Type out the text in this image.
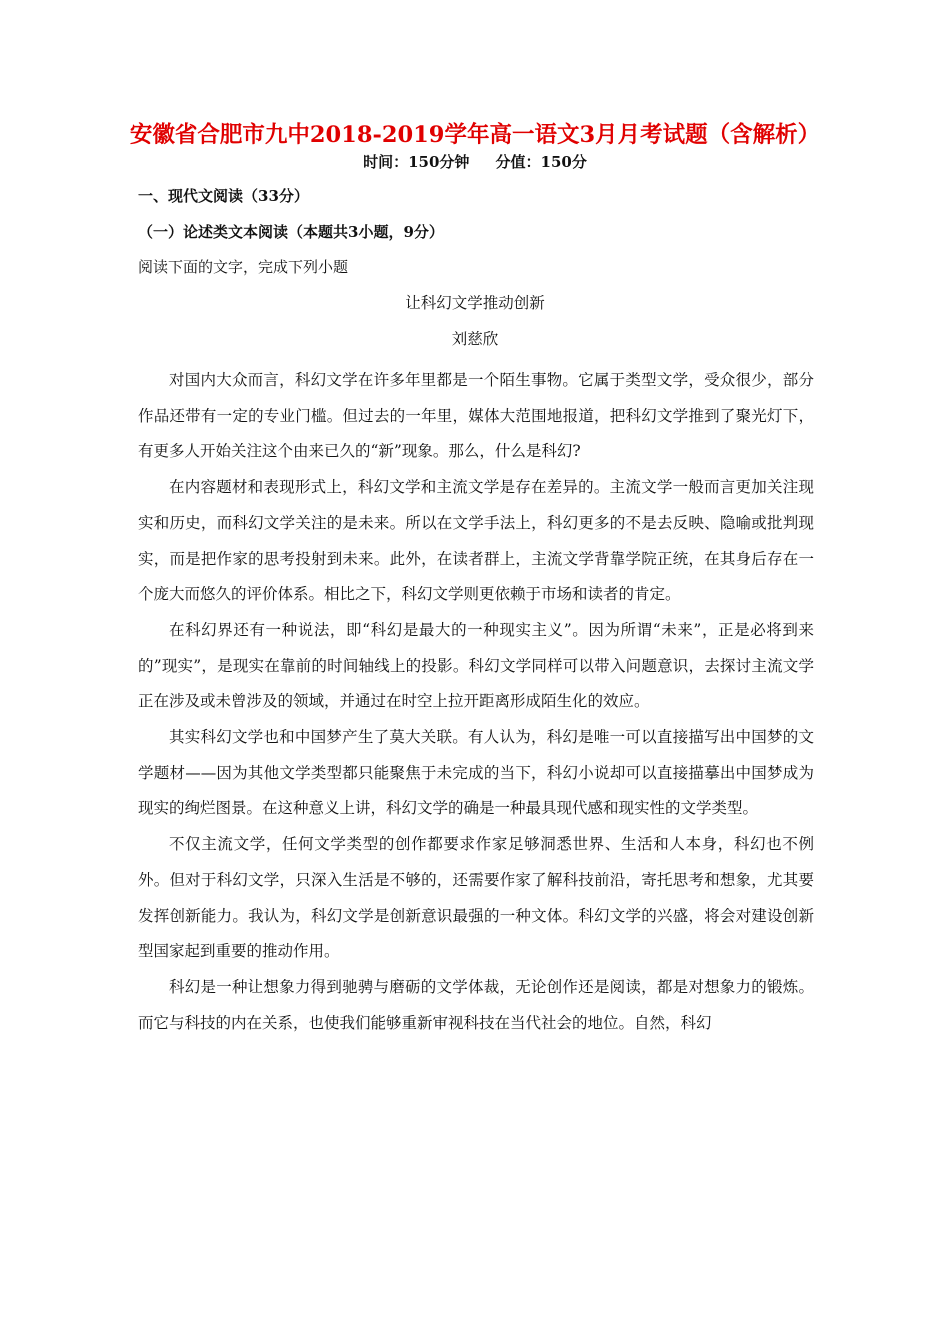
安徽省合肥市九中2018-2019学年高一语文3月月考试题（含解析）
时间：150分钟     分值：150分
一、现代文阅读（33分）
（一）论述类文本阅读（本题共3小题，9分）
阅读下面的文字，完成下列小题
让科幻文学推动创新
刘慈欣

对国内大众而言，科幻文学在许多年里都是一个陌生事物。它属于类型文学，受众很少，部分作品还带有一定的专业门槛。但过去的一年里，媒体大范围地报道，把科幻文学推到了聚光灯下，有更多人开始关注这个由来已久的“新”现象。那么，什么是科幻?

在内容题材和表现形式上，科幻文学和主流文学是存在差异的。主流文学一般而言更加关注现实和历史，而科幻文学关注的是未来。所以在文学手法上，科幻更多的不是去反映、隐喻或批判现实，而是把作家的思考投射到未来。此外，在读者群上，主流文学背靠学院正统，在其身后存在一个庞大而悠久的评价体系。相比之下，科幻文学则更依赖于市场和读者的肯定。

在科幻界还有一种说法，即“科幻是最大的一种现实主义”。因为所谓“未来”，正是必将到来的”现实”，是现实在靠前的时间轴线上的投影。科幻文学同样可以带入问题意识，去探讨主流文学正在涉及或未曾涉及的领域，并通过在时空上拉开距离形成陌生化的效应。

其实科幻文学也和中国梦产生了莫大关联。有人认为，科幻是唯一可以直接描写出中国梦的文学题材——因为其他文学类型都只能聚焦于未完成的当下，科幻小说却可以直接描摹出中国梦成为现实的绚烂图景。在这种意义上讲，科幻文学的确是一种最具现代感和现实性的文学类型。

不仅主流文学，任何文学类型的创作都要求作家足够洞悉世界、生活和人本身，科幻也不例外。但对于科幻文学，只深入生活是不够的，还需要作家了解科技前沿，寄托思考和想象，尤其要发挥创新能力。我认为，科幻文学是创新意识最强的一种文体。科幻文学的兴盛，将会对建设创新型国家起到重要的推动作用。

科幻是一种让想象力得到驰骋与磨砺的文学体裁，无论创作还是阅读，都是对想象力的锻炼。而它与科技的内在关系，也使我们能够重新审视科技在当代社会的地位。自然，科幻
